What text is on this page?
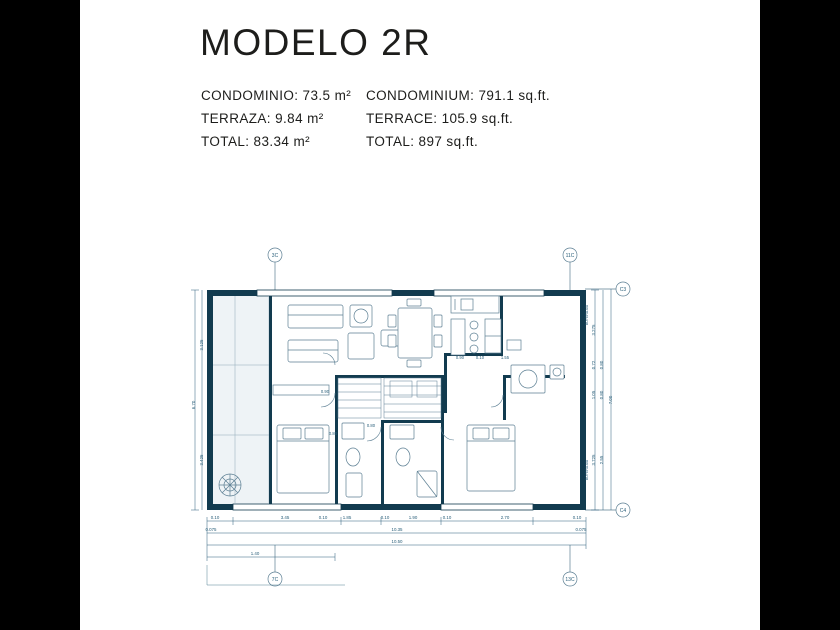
MODELO 2R
CONDOMINIO: 73.5 m²
TERRAZA: 9.84 m²
TOTAL: 83.34 m²
CONDOMINIUM: 791.1 sq.ft.
TERRACE: 105.9 sq.ft.
TOTAL: 897 sq.ft.
3C	11C
7C	13C
C3
C4
0.10	3.45	1.85	0.10	1.90	0.10	2.70	0.10
0.10
0.075	10.35	0.075
10.50
1.40
6.70
3.425
3.125
3.275
0.72 0.80
1.05 0.80
3.725 2.55
7.00
BOYERA A/A
BOYERA A/A
0.90	0.10	1.55
0.90
0.80
0.80
